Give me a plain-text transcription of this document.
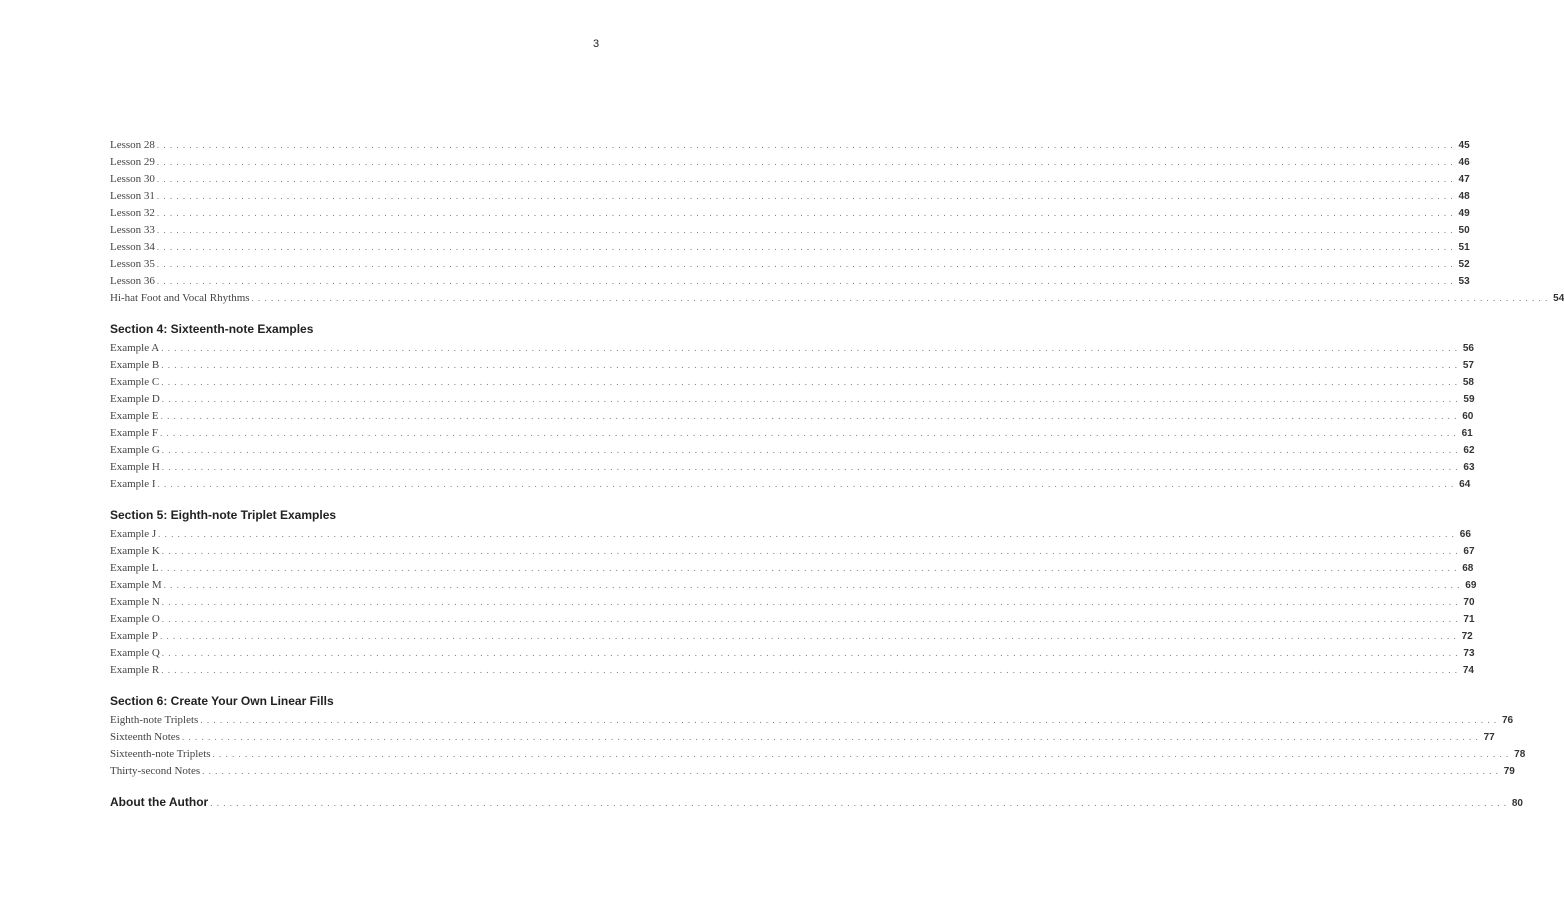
3
Lesson 28 . . . . . . . . . . . . . . . . . . . . . . . . . . . . . . . . . . . . . . . . . . . . . . . . . . . . . . . . . . . . . . . . . . . . . . . . . . . . . . . . . . . . . . . . . . . . . . . . . . . . . . . . . . . . . . . . . . . . . . . . . . . . . . . . . . . . . . . . . . . . . . . . . . . . . . . . . . . . . . . . . . . . . . . . . . . . . . . . . . . . . . . . . . . . . . . . . . . . . . . . 45
Lesson 29 . . . . . . . . . . . . . . . . . . . . . . . . . . . . . . . . . . . . . . . . . . . . . . . . . . . . . . . . . . . . . . . . . . . . . . . . . . . . . . . . . . . . . . . . . . . . . . . . . . . . . . . . . . . . . . . . . . . . . . . . . . . . . . . . . . . . . . . . . . . . . . . . . . . . . . . . . . . . . . . . . . . . . . . . . . . . . . . . . . . . . . . . . . . . . . . . . . . . . . . . 46
Lesson 30 . . . . . . . . . . . . . . . . . . . . . . . . . . . . . . . . . . . . . . . . . . . . . . . . . . . . . . . . . . . . . . . . . . . . . . . . . . . . . . . . . . . . . . . . . . . . . . . . . . . . . . . . . . . . . . . . . . . . . . . . . . . . . . . . . . . . . . . . . . . . . . . . . . . . . . . . . . . . . . . . . . . . . . . . . . . . . . . . . . . . . . . . . . . . . . . . . . . . . . . . 47
Lesson 31 . . . . . . . . . . . . . . . . . . . . . . . . . . . . . . . . . . . . . . . . . . . . . . . . . . . . . . . . . . . . . . . . . . . . . . . . . . . . . . . . . . . . . . . . . . . . . . . . . . . . . . . . . . . . . . . . . . . . . . . . . . . . . . . . . . . . . . . . . . . . . . . . . . . . . . . . . . . . . . . . . . . . . . . . . . . . . . . . . . . . . . . . . . . . . . . . . . . . . . . . 48
Lesson 32 . . . . . . . . . . . . . . . . . . . . . . . . . . . . . . . . . . . . . . . . . . . . . . . . . . . . . . . . . . . . . . . . . . . . . . . . . . . . . . . . . . . . . . . . . . . . . . . . . . . . . . . . . . . . . . . . . . . . . . . . . . . . . . . . . . . . . . . . . . . . . . . . . . . . . . . . . . . . . . . . . . . . . . . . . . . . . . . . . . . . . . . . . . . . . . . . . . . . . . . . 49
Lesson 33 . . . . . . . . . . . . . . . . . . . . . . . . . . . . . . . . . . . . . . . . . . . . . . . . . . . . . . . . . . . . . . . . . . . . . . . . . . . . . . . . . . . . . . . . . . . . . . . . . . . . . . . . . . . . . . . . . . . . . . . . . . . . . . . . . . . . . . . . . . . . . . . . . . . . . . . . . . . . . . . . . . . . . . . . . . . . . . . . . . . . . . . . . . . . . . . . . . . . . . . . 50
Lesson 34 . . . . . . . . . . . . . . . . . . . . . . . . . . . . . . . . . . . . . . . . . . . . . . . . . . . . . . . . . . . . . . . . . . . . . . . . . . . . . . . . . . . . . . . . . . . . . . . . . . . . . . . . . . . . . . . . . . . . . . . . . . . . . . . . . . . . . . . . . . . . . . . . . . . . . . . . . . . . . . . . . . . . . . . . . . . . . . . . . . . . . . . . . . . . . . . . . . . . . . . . 51
Lesson 35 . . . . . . . . . . . . . . . . . . . . . . . . . . . . . . . . . . . . . . . . . . . . . . . . . . . . . . . . . . . . . . . . . . . . . . . . . . . . . . . . . . . . . . . . . . . . . . . . . . . . . . . . . . . . . . . . . . . . . . . . . . . . . . . . . . . . . . . . . . . . . . . . . . . . . . . . . . . . . . . . . . . . . . . . . . . . . . . . . . . . . . . . . . . . . . . . . . . . . . . . 52
Lesson 36 . . . . . . . . . . . . . . . . . . . . . . . . . . . . . . . . . . . . . . . . . . . . . . . . . . . . . . . . . . . . . . . . . . . . . . . . . . . . . . . . . . . . . . . . . . . . . . . . . . . . . . . . . . . . . . . . . . . . . . . . . . . . . . . . . . . . . . . . . . . . . . . . . . . . . . . . . . . . . . . . . . . . . . . . . . . . . . . . . . . . . . . . . . . . . . . . . . . . . . . . 53
Hi-hat Foot and Vocal Rhythms . . . . . . . . . . . . . . . . . . . . . . . . . . . . . . . . . . . . . . . . . . . . . . . . . . . . . . . . . . . . . . . . . . . . . . . . . . . . . . . . . . . . . . . . . . . . . . . . . . . . . . . . . . . . . . . . . . . . . . . . . . . . . . . . . . . . . . . . . . . . . . . . . . . . . . . . . . . . . . . . . . . . . . . . . . . . . . . . . . . . . . . . . . . . . . . . . . . . . . . . 54
Section 4: Sixteenth-note Examples
Example A . . . . . . . . . . . . . . . . . . . . . . . . . . . . . . . . . . . . . . . . . . . . . . . . . . . . . . . . . . . . . . . . . . . . . . . . . . . . . . . . . . . . . . . . . . . . . . . . . . . . . . . . . . . . . . . . . . . . . . . . . . . . . . . . . . . . . . . . . . . . . . . . . . . . . . . . . . . . . . . . . . . . . . . . . . . . . . . . . . . . . . . . . . . . . . . . . . . . . . . . 56
Example B . . . . . . . . . . . . . . . . . . . . . . . . . . . . . . . . . . . . . . . . . . . . . . . . . . . . . . . . . . . . . . . . . . . . . . . . . . . . . . . . . . . . . . . . . . . . . . . . . . . . . . . . . . . . . . . . . . . . . . . . . . . . . . . . . . . . . . . . . . . . . . . . . . . . . . . . . . . . . . . . . . . . . . . . . . . . . . . . . . . . . . . . . . . . . . . . . . . . . . . . 57
Example C . . . . . . . . . . . . . . . . . . . . . . . . . . . . . . . . . . . . . . . . . . . . . . . . . . . . . . . . . . . . . . . . . . . . . . . . . . . . . . . . . . . . . . . . . . . . . . . . . . . . . . . . . . . . . . . . . . . . . . . . . . . . . . . . . . . . . . . . . . . . . . . . . . . . . . . . . . . . . . . . . . . . . . . . . . . . . . . . . . . . . . . . . . . . . . . . . . . . . . . . 58
Example D . . . . . . . . . . . . . . . . . . . . . . . . . . . . . . . . . . . . . . . . . . . . . . . . . . . . . . . . . . . . . . . . . . . . . . . . . . . . . . . . . . . . . . . . . . . . . . . . . . . . . . . . . . . . . . . . . . . . . . . . . . . . . . . . . . . . . . . . . . . . . . . . . . . . . . . . . . . . . . . . . . . . . . . . . . . . . . . . . . . . . . . . . . . . . . . . . . . . . . . . 59
Example E . . . . . . . . . . . . . . . . . . . . . . . . . . . . . . . . . . . . . . . . . . . . . . . . . . . . . . . . . . . . . . . . . . . . . . . . . . . . . . . . . . . . . . . . . . . . . . . . . . . . . . . . . . . . . . . . . . . . . . . . . . . . . . . . . . . . . . . . . . . . . . . . . . . . . . . . . . . . . . . . . . . . . . . . . . . . . . . . . . . . . . . . . . . . . . . . . . . . . . . . 60
Example F . . . . . . . . . . . . . . . . . . . . . . . . . . . . . . . . . . . . . . . . . . . . . . . . . . . . . . . . . . . . . . . . . . . . . . . . . . . . . . . . . . . . . . . . . . . . . . . . . . . . . . . . . . . . . . . . . . . . . . . . . . . . . . . . . . . . . . . . . . . . . . . . . . . . . . . . . . . . . . . . . . . . . . . . . . . . . . . . . . . . . . . . . . . . . . . . . . . . . . . . 61
Example G . . . . . . . . . . . . . . . . . . . . . . . . . . . . . . . . . . . . . . . . . . . . . . . . . . . . . . . . . . . . . . . . . . . . . . . . . . . . . . . . . . . . . . . . . . . . . . . . . . . . . . . . . . . . . . . . . . . . . . . . . . . . . . . . . . . . . . . . . . . . . . . . . . . . . . . . . . . . . . . . . . . . . . . . . . . . . . . . . . . . . . . . . . . . . . . . . . . . . . . . 62
Example H . . . . . . . . . . . . . . . . . . . . . . . . . . . . . . . . . . . . . . . . . . . . . . . . . . . . . . . . . . . . . . . . . . . . . . . . . . . . . . . . . . . . . . . . . . . . . . . . . . . . . . . . . . . . . . . . . . . . . . . . . . . . . . . . . . . . . . . . . . . . . . . . . . . . . . . . . . . . . . . . . . . . . . . . . . . . . . . . . . . . . . . . . . . . . . . . . . . . . . . . 63
Example I . . . . . . . . . . . . . . . . . . . . . . . . . . . . . . . . . . . . . . . . . . . . . . . . . . . . . . . . . . . . . . . . . . . . . . . . . . . . . . . . . . . . . . . . . . . . . . . . . . . . . . . . . . . . . . . . . . . . . . . . . . . . . . . . . . . . . . . . . . . . . . . . . . . . . . . . . . . . . . . . . . . . . . . . . . . . . . . . . . . . . . . . . . . . . . . . . . . . . . . . 64
Section 5: Eighth-note Triplet Examples
Example J . . . . . . . . . . . . . . . . . . . . . . . . . . . . . . . . . . . . . . . . . . . . . . . . . . . . . . . . . . . . . . . . . . . . . . . . . . . . . . . . . . . . . . . . . . . . . . . . . . . . . . . . . . . . . . . . . . . . . . . . . . . . . . . . . . . . . . . . . . . . . . . . . . . . . . . . . . . . . . . . . . . . . . . . . . . . . . . . . . . . . . . . . . . . . . . . . . . . . . . . 66
Example K . . . . . . . . . . . . . . . . . . . . . . . . . . . . . . . . . . . . . . . . . . . . . . . . . . . . . . . . . . . . . . . . . . . . . . . . . . . . . . . . . . . . . . . . . . . . . . . . . . . . . . . . . . . . . . . . . . . . . . . . . . . . . . . . . . . . . . . . . . . . . . . . . . . . . . . . . . . . . . . . . . . . . . . . . . . . . . . . . . . . . . . . . . . . . . . . . . . . . . . . 67
Example L . . . . . . . . . . . . . . . . . . . . . . . . . . . . . . . . . . . . . . . . . . . . . . . . . . . . . . . . . . . . . . . . . . . . . . . . . . . . . . . . . . . . . . . . . . . . . . . . . . . . . . . . . . . . . . . . . . . . . . . . . . . . . . . . . . . . . . . . . . . . . . . . . . . . . . . . . . . . . . . . . . . . . . . . . . . . . . . . . . . . . . . . . . . . . . . . . . . . . . . . 68
Example M . . . . . . . . . . . . . . . . . . . . . . . . . . . . . . . . . . . . . . . . . . . . . . . . . . . . . . . . . . . . . . . . . . . . . . . . . . . . . . . . . . . . . . . . . . . . . . . . . . . . . . . . . . . . . . . . . . . . . . . . . . . . . . . . . . . . . . . . . . . . . . . . . . . . . . . . . . . . . . . . . . . . . . . . . . . . . . . . . . . . . . . . . . . . . . . . . . . . . . . . 69
Example N . . . . . . . . . . . . . . . . . . . . . . . . . . . . . . . . . . . . . . . . . . . . . . . . . . . . . . . . . . . . . . . . . . . . . . . . . . . . . . . . . . . . . . . . . . . . . . . . . . . . . . . . . . . . . . . . . . . . . . . . . . . . . . . . . . . . . . . . . . . . . . . . . . . . . . . . . . . . . . . . . . . . . . . . . . . . . . . . . . . . . . . . . . . . . . . . . . . . . . . . 70
Example O . . . . . . . . . . . . . . . . . . . . . . . . . . . . . . . . . . . . . . . . . . . . . . . . . . . . . . . . . . . . . . . . . . . . . . . . . . . . . . . . . . . . . . . . . . . . . . . . . . . . . . . . . . . . . . . . . . . . . . . . . . . . . . . . . . . . . . . . . . . . . . . . . . . . . . . . . . . . . . . . . . . . . . . . . . . . . . . . . . . . . . . . . . . . . . . . . . . . . . . . 71
Example P . . . . . . . . . . . . . . . . . . . . . . . . . . . . . . . . . . . . . . . . . . . . . . . . . . . . . . . . . . . . . . . . . . . . . . . . . . . . . . . . . . . . . . . . . . . . . . . . . . . . . . . . . . . . . . . . . . . . . . . . . . . . . . . . . . . . . . . . . . . . . . . . . . . . . . . . . . . . . . . . . . . . . . . . . . . . . . . . . . . . . . . . . . . . . . . . . . . . . . . . 72
Example Q . . . . . . . . . . . . . . . . . . . . . . . . . . . . . . . . . . . . . . . . . . . . . . . . . . . . . . . . . . . . . . . . . . . . . . . . . . . . . . . . . . . . . . . . . . . . . . . . . . . . . . . . . . . . . . . . . . . . . . . . . . . . . . . . . . . . . . . . . . . . . . . . . . . . . . . . . . . . . . . . . . . . . . . . . . . . . . . . . . . . . . . . . . . . . . . . . . . . . . . . 73
Example R . . . . . . . . . . . . . . . . . . . . . . . . . . . . . . . . . . . . . . . . . . . . . . . . . . . . . . . . . . . . . . . . . . . . . . . . . . . . . . . . . . . . . . . . . . . . . . . . . . . . . . . . . . . . . . . . . . . . . . . . . . . . . . . . . . . . . . . . . . . . . . . . . . . . . . . . . . . . . . . . . . . . . . . . . . . . . . . . . . . . . . . . . . . . . . . . . . . . . . . . 74
Section 6: Create Your Own Linear Fills
Eighth-note Triplets . . . . . . . . . . . . . . . . . . . . . . . . . . . . . . . . . . . . . . . . . . . . . . . . . . . . . . . . . . . . . . . . . . . . . . . . . . . . . . . . . . . . . . . . . . . . . . . . . . . . . . . . . . . . . . . . . . . . . . . . . . . . . . . . . . . . . . . . . . . . . . . . . . . . . . . . . . . . . . . . . . . . . . . . . . . . . . . . . . . . . . . . . . . . . . . . . . . . . . . . 76
Sixteenth Notes . . . . . . . . . . . . . . . . . . . . . . . . . . . . . . . . . . . . . . . . . . . . . . . . . . . . . . . . . . . . . . . . . . . . . . . . . . . . . . . . . . . . . . . . . . . . . . . . . . . . . . . . . . . . . . . . . . . . . . . . . . . . . . . . . . . . . . . . . . . . . . . . . . . . . . . . . . . . . . . . . . . . . . . . . . . . . . . . . . . . . . . . . . . . . . . . . . . . . . . . 77
Sixteenth-note Triplets . . . . . . . . . . . . . . . . . . . . . . . . . . . . . . . . . . . . . . . . . . . . . . . . . . . . . . . . . . . . . . . . . . . . . . . . . . . . . . . . . . . . . . . . . . . . . . . . . . . . . . . . . . . . . . . . . . . . . . . . . . . . . . . . . . . . . . . . . . . . . . . . . . . . . . . . . . . . . . . . . . . . . . . . . . . . . . . . . . . . . . . . . . . . . . . . . . . . . . . . 78
Thirty-second Notes . . . . . . . . . . . . . . . . . . . . . . . . . . . . . . . . . . . . . . . . . . . . . . . . . . . . . . . . . . . . . . . . . . . . . . . . . . . . . . . . . . . . . . . . . . . . . . . . . . . . . . . . . . . . . . . . . . . . . . . . . . . . . . . . . . . . . . . . . . . . . . . . . . . . . . . . . . . . . . . . . . . . . . . . . . . . . . . . . . . . . . . . . . . . . . . . . . . . . . . . 79
About the Author . . . . . . . . . . . . . . . . . . . . . . . . . . . . . . . . . . . . . . . . . . . . . . . . . . . . . . . . . . . . . . . . . . . . . . . . . . . . . . . . . . . . . . . . . . . . . . . . . . . . . . . . . . . . . . . . . . . . . . . . . . . . . . . . . . . . . . . . . . . . . . . . . . . . . . . . . . . . . . . . . . . . . . . . . . . . . . . . . . . . . . . . . . . . . . . . . . . . . . . . 80
